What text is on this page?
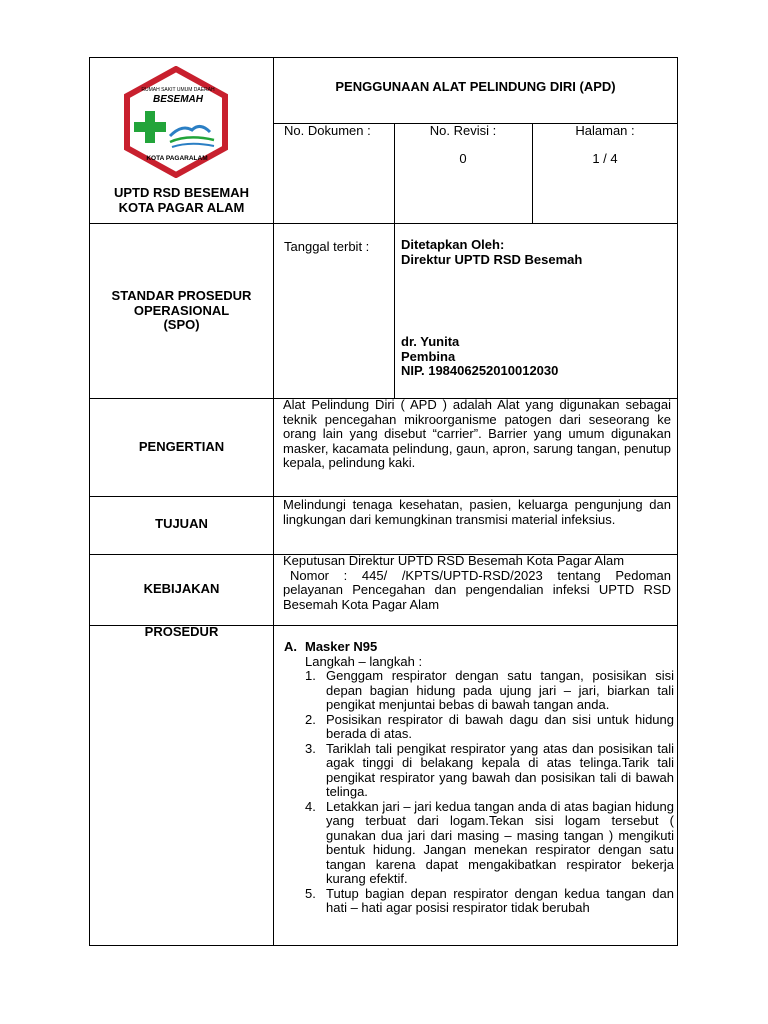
RUMAH SAKIT UMUM DAERAH
BESEMAH
KOTA PAGARALAM
UPTD RSD BESEMAH
KOTA PAGAR ALAM
PENGGUNAAN ALAT PELINDUNG DIRI (APD)
No. Dokumen :	No. Revisi :
0
Halaman :
1 / 4
STANDAR PROSEDUR
OPERASIONAL
(SPO)
Tanggal terbit : Ditetapkan Oleh:
Direktur UPTD RSD Besemah
dr. Yunita
Pembina
NIP. 198406252010012030
PENGERTIAN
Alat Pelindung Diri ( APD ) adalah Alat yang digunakan sebagai teknik pencegahan mikroorganisme patogen dari seseorang ke orang lain yang disebut “carrier”. Barrier yang umum digunakan masker, kacamata pelindung, gaun, apron, sarung tangan, penutup kepala, pelindung kaki.
TUJUAN
Melindungi tenaga kesehatan, pasien, keluarga pengunjung dan lingkungan dari kemungkinan transmisi material infeksius.
KEBIJAKAN
Keputusan Direktur UPTD RSD Besemah Kota Pagar Alam
Nomor : 445/ /KPTS/UPTD-RSD/2023 tentang Pedoman pelayanan Pencegahan dan pengendalian infeksi UPTD RSD Besemah Kota Pagar Alam
PROSEDUR
A. Masker N95
Langkah – langkah :
1. Genggam respirator dengan satu tangan, posisikan sisi depan bagian hidung pada ujung jari – jari, biarkan tali pengikat menjuntai bebas di bawah tangan anda.
2. Posisikan respirator di bawah dagu dan sisi untuk hidung berada di atas.
3. Tariklah tali pengikat respirator yang atas dan posisikan tali agak tinggi di belakang kepala di atas telinga.Tarik tali pengikat respirator yang bawah dan posisikan tali di bawah telinga.
4. Letakkan jari – jari kedua tangan anda di atas bagian hidung yang terbuat dari logam.Tekan sisi logam tersebut ( gunakan dua jari dari masing – masing tangan ) mengikuti bentuk hidung. Jangan menekan respirator dengan satu tangan karena dapat mengakibatkan respirator bekerja kurang efektif.
5. Tutup bagian depan respirator dengan kedua tangan dan hati – hati agar posisi respirator tidak berubah
